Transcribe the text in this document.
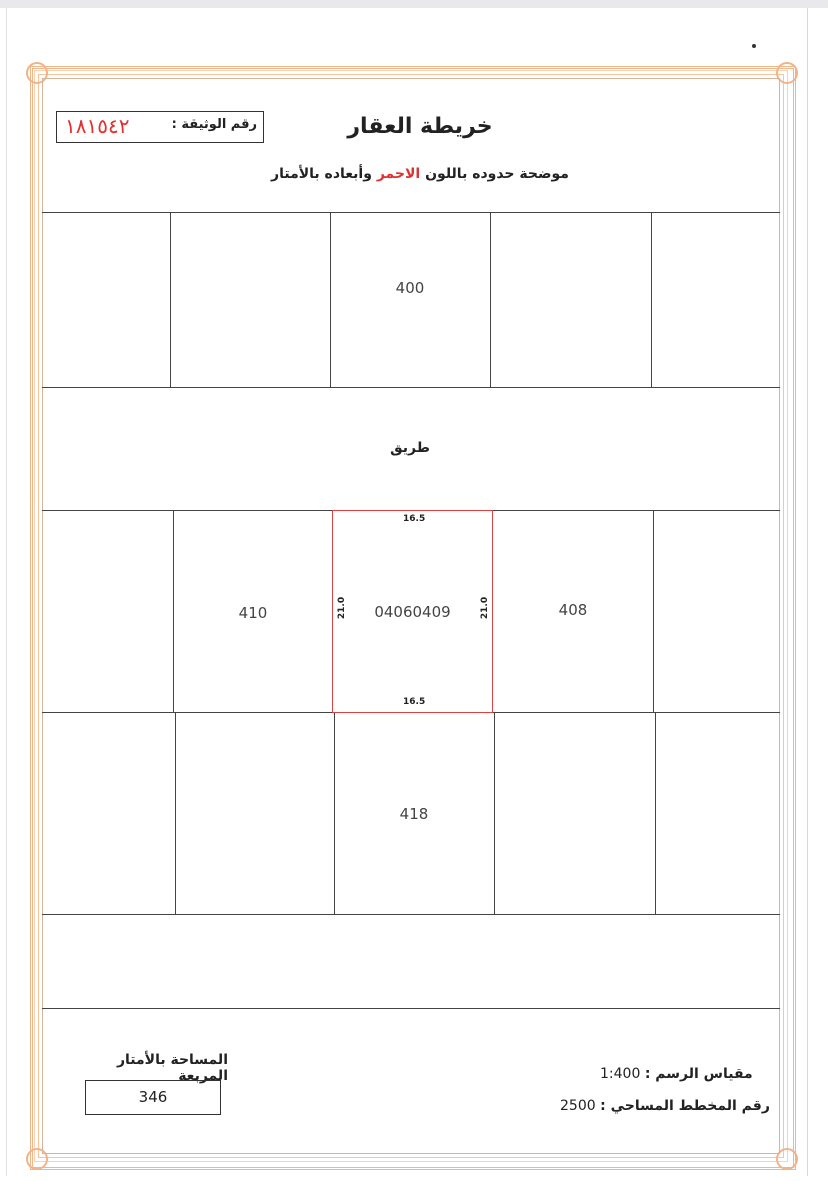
رقم الوثيقة :
١٨١٥٤٢	خريطة العقار
موضحة حدوده باللون الاحمر وأبعاده بالأمتار
400
طريق
410	408
418
16.5
16.5
21.0	21.0
04060409
المساحة بالأمتار المربعة
346
مقياس الرسم : 1:400
رقم المخطط المساحي : 2500
